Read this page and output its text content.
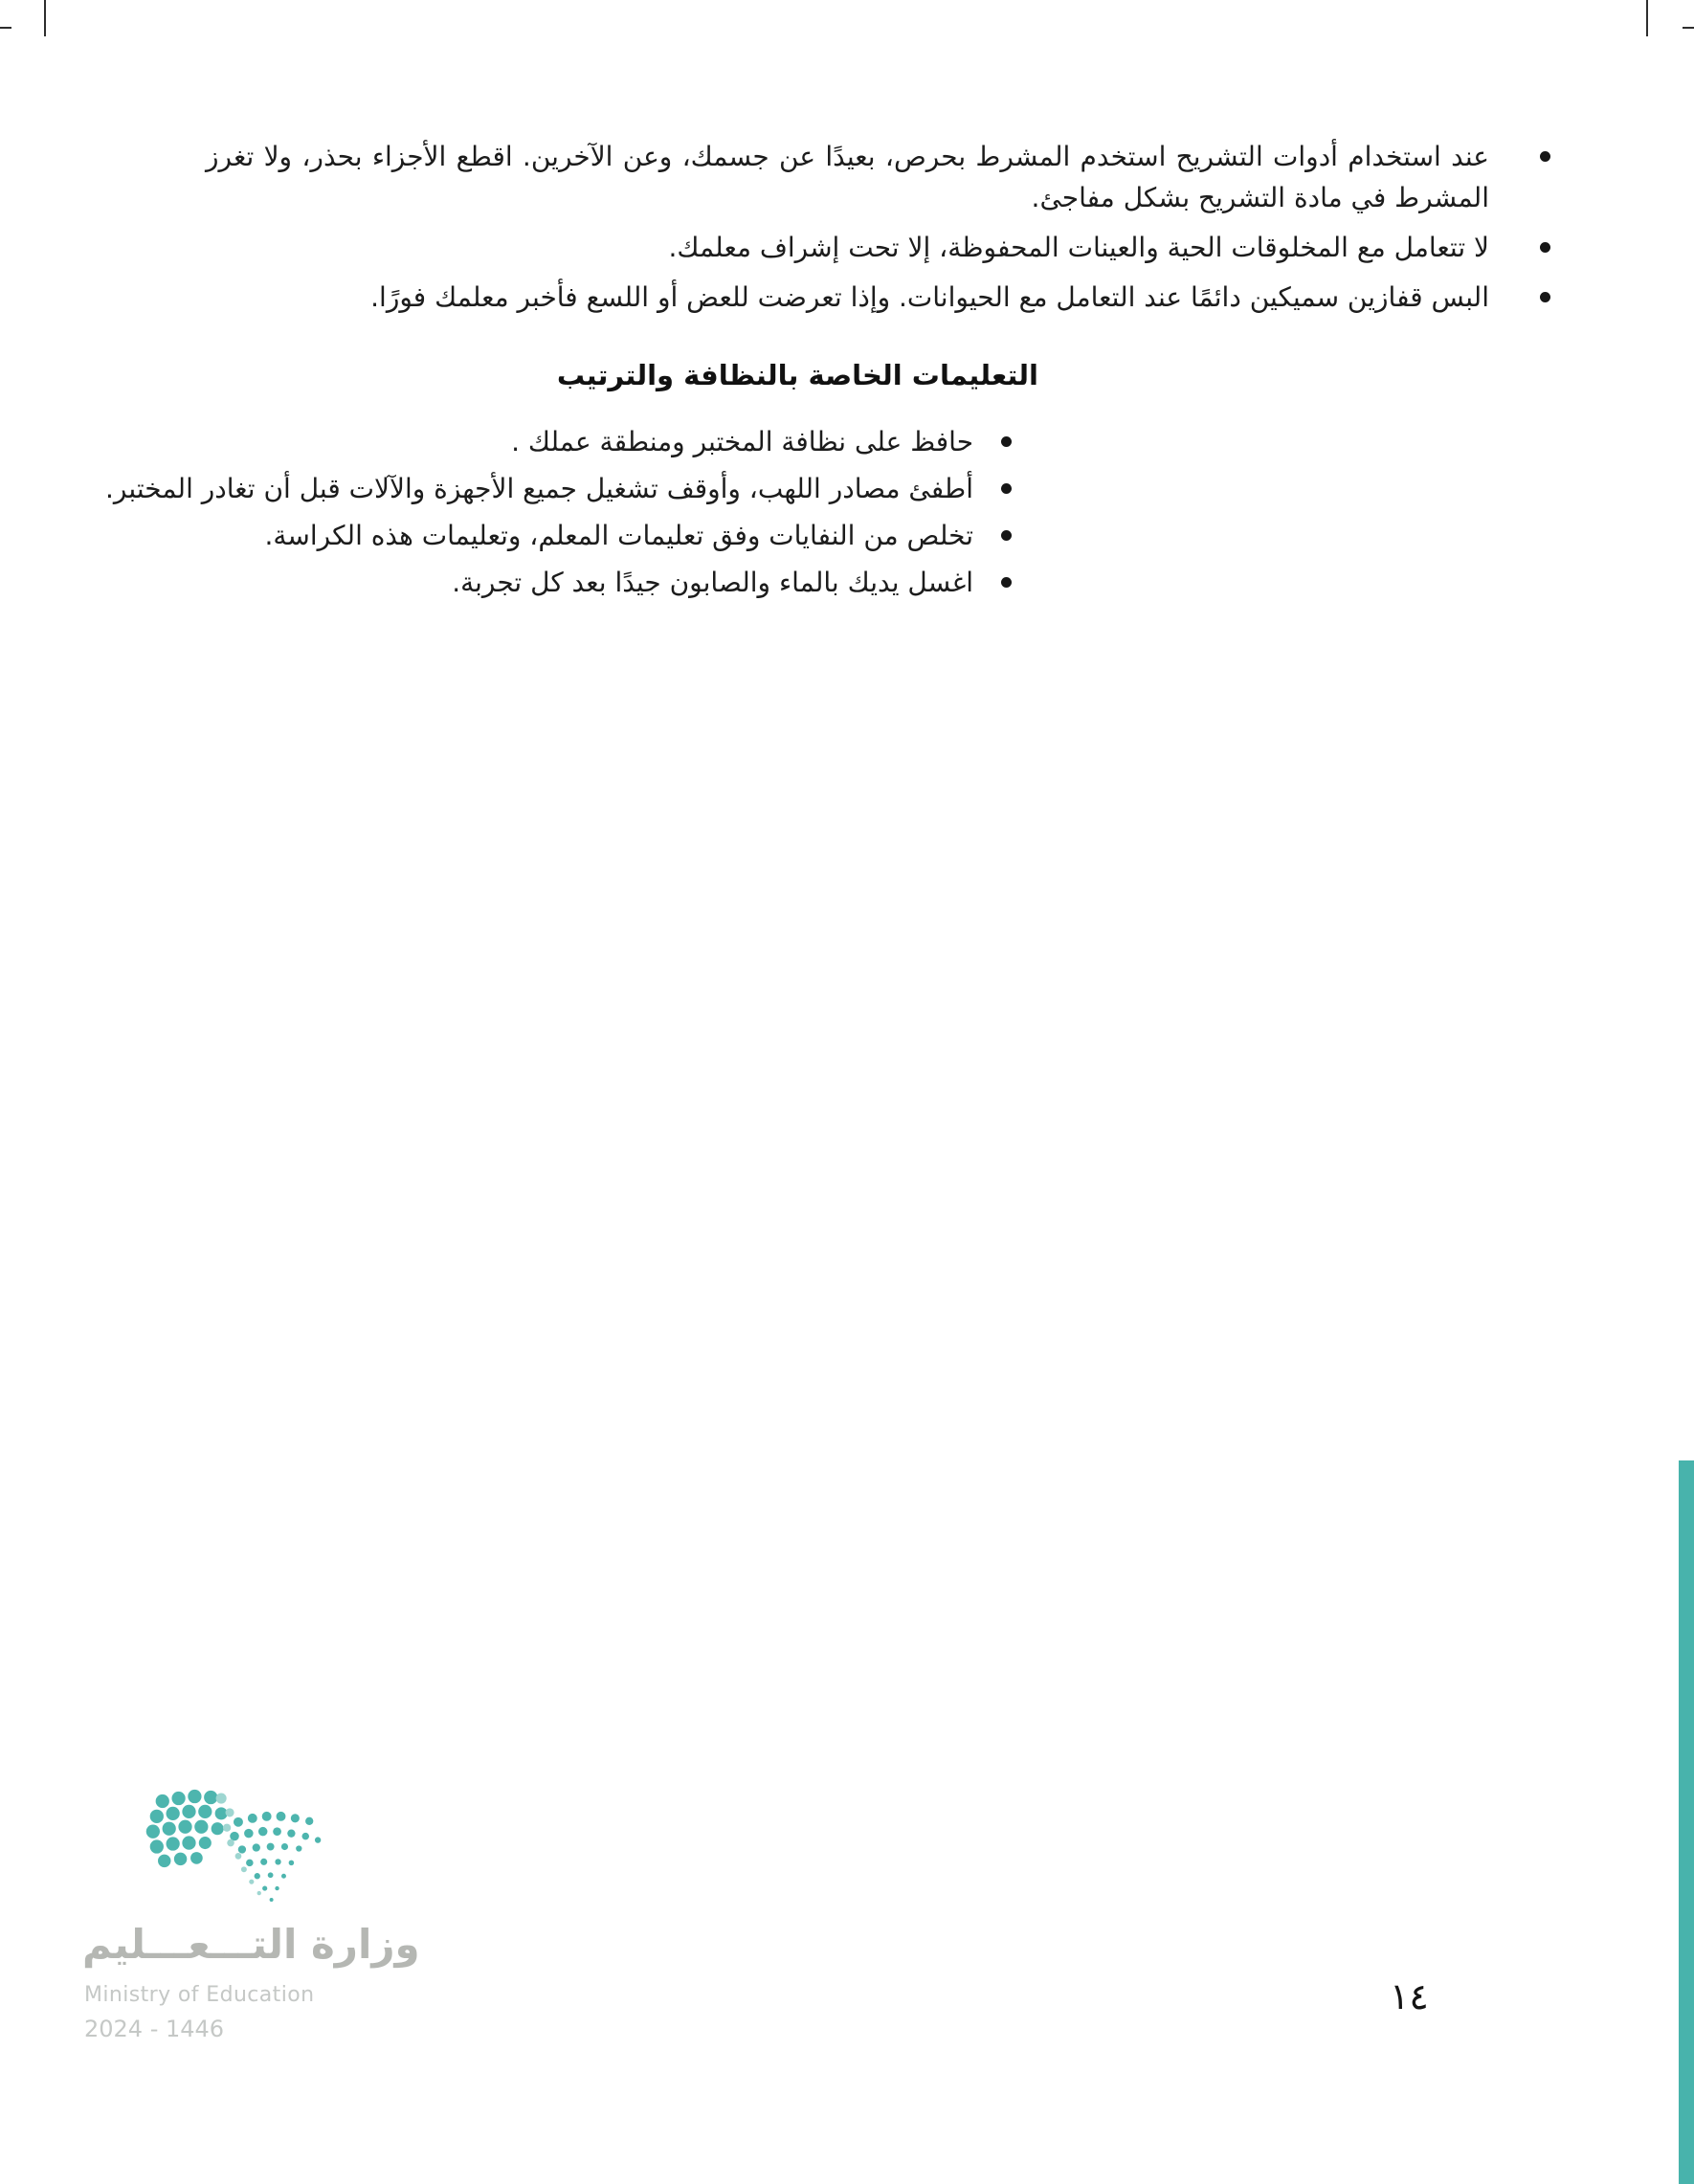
عند استخدام أدوات التشريح استخدم المشرط بحرص، بعيدًا عن جسمك، وعن الآخرين. اقطع الأجزاء بحذر، ولا تغرز المشرط في مادة التشريح بشكل مفاجئ.
لا تتعامل مع المخلوقات الحية والعينات المحفوظة، إلا تحت إشراف معلمك.
البس قفازين سميكين دائمًا عند التعامل مع الحيوانات. وإذا تعرضت للعض أو اللسع فأخبر معلمك فورًا.
التعليمات الخاصة بالنظافة والترتيب
حافظ على نظافة المختبر ومنطقة عملك .
أطفئ مصادر اللهب، وأوقف تشغيل جميع الأجهزة والآلات قبل أن تغادر المختبر.
تخلص من النفايات وفق تعليمات المعلم، وتعليمات هذه الكراسة.
اغسل يديك بالماء والصابون جيدًا بعد كل تجربة.
وزارة التـــعـــليم
Ministry of Education
2024 - 1446
١٤
